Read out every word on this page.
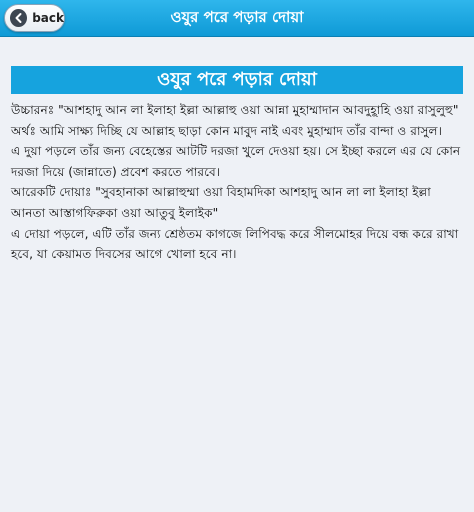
back	ওযুর পরে পড়ার দোয়া
ওযুর পরে পড়ার দোয়া

উচ্চারনঃ "আশহাদু আন লা ইলাহা ইল্লা আল্লাহু ওয়া আন্না মুহাম্মাদান আবদুহূাহি ওয়া রাসুলুহু"

অর্থঃ আমি সাক্ষ্য দিচ্ছি যে আল্লাহ ছাড়া কোন মাবুদ নাই এবং মুহাম্মাদ তাঁর বান্দা ও রাসুল।

এ দুয়া পড়লে তাঁর জন্য বেহেস্তের আটটি দরজা খুলে দেওয়া হয়। সে ইচ্ছা করলে এর যে কোন দরজা দিয়ে (জান্নাতে) প্রবেশ করতে পারবে।

আরেকটি দোয়াঃ "সুবহানাকা আল্লাহুম্মা ওয়া বিহামদিকা আশহাদু আন লা লা ইলাহা ইল্লা আনতা আস্তাগফিরুকা ওয়া আতুবু ইলাইক"

এ দোয়া পড়লে, এটি তাঁর জন্য শ্রেষ্ঠতম কাগজে লিপিবদ্ধ করে সীলমোহর দিয়ে বন্ধ করে রাখা হবে, যা কেয়ামত দিবসের আগে খোলা হবে না।
